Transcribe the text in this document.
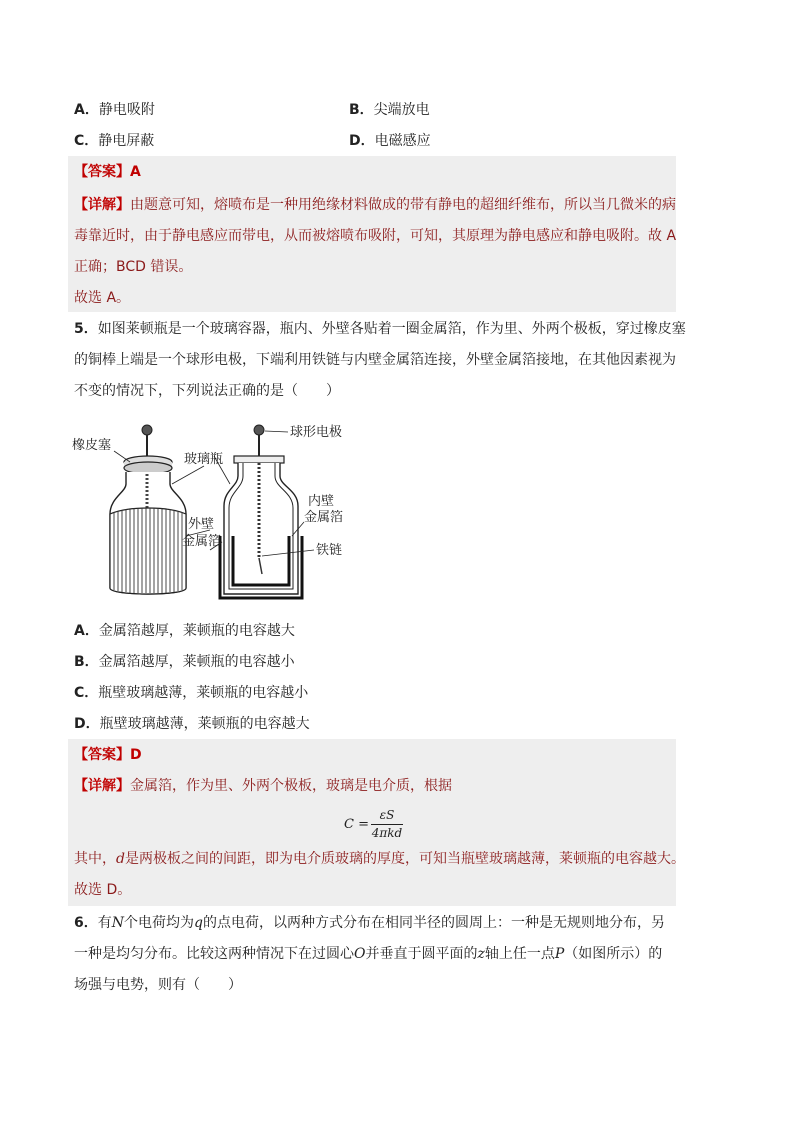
A．静电吸附	B．尖端放电
C．静电屏蔽	D．电磁感应
【答案】A
【详解】由题意可知，熔喷布是一种用绝缘材料做成的带有静电的超细纤维布，所以当几微米的病
毒靠近时，由于静电感应而带电，从而被熔喷布吸附，可知，其原理为静电感应和静电吸附。故 A
正确；BCD 错误。
故选 A。
5．如图莱顿瓶是一个玻璃容器，瓶内、外壁各贴着一圈金属箔，作为里、外两个极板，穿过橡皮塞
的铜棒上端是一个球形电极，下端利用铁链与内壁金属箔连接，外壁金属箔接地，在其他因素视为
不变的情况下，下列说法正确的是（　　）
橡皮塞
玻璃瓶
球形电极
内壁
金属箔
外壁
金属箔
铁链
A．金属箔越厚，莱顿瓶的电容越大
B．金属箔越厚，莱顿瓶的电容越小
C．瓶壁玻璃越薄，莱顿瓶的电容越小
D．瓶壁玻璃越薄，莱顿瓶的电容越大
【答案】D
【详解】金属箔，作为里、外两个极板，玻璃是电介质，根据
C =
εS
4πkd
其中，d是两极板之间的间距，即为电介质玻璃的厚度，可知当瓶壁玻璃越薄，莱顿瓶的电容越大。
故选 D。
6．有N个电荷均为q的点电荷，以两种方式分布在相同半径的圆周上：一种是无规则地分布，另
一种是均匀分布。比较这两种情况下在过圆心O并垂直于圆平面的z轴上任一点P（如图所示）的
场强与电势，则有（　　）
